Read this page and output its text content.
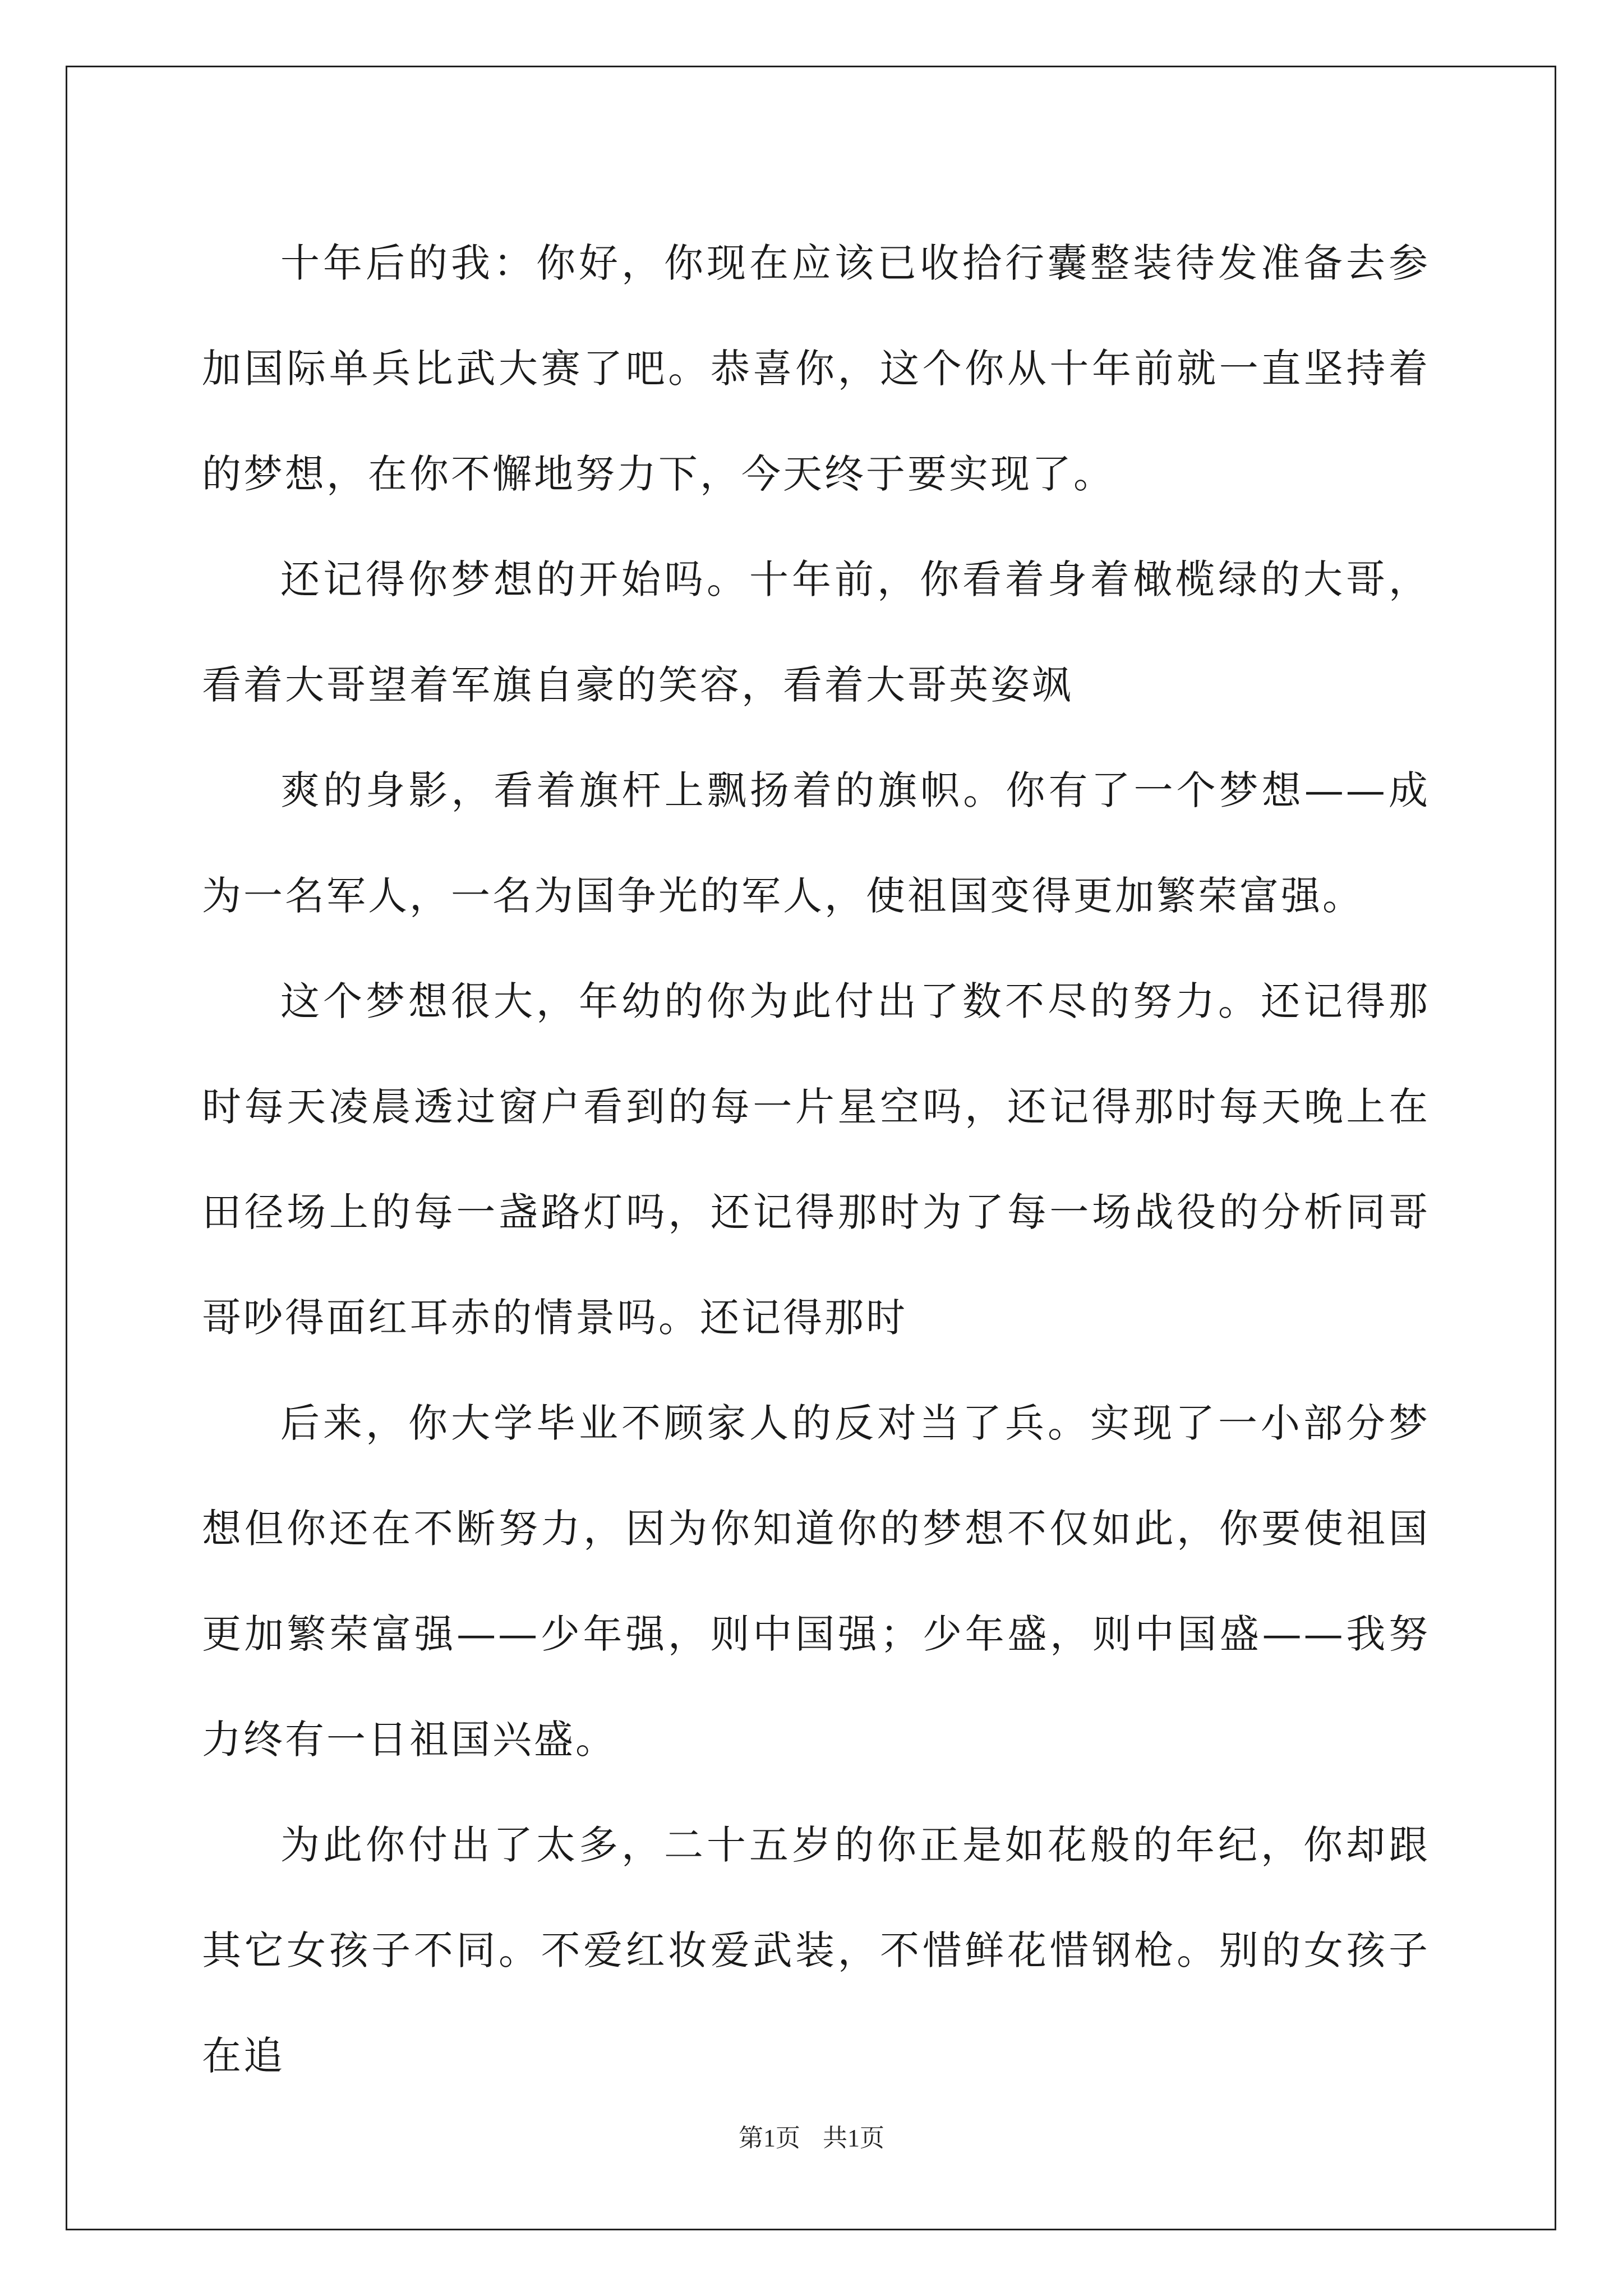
十年后的我：你好，你现在应该已收拾行囊整装待发准备去参加国际单兵比武大赛了吧。恭喜你，这个你从十年前就一直坚持着的梦想，在你不懈地努力下，今天终于要实现了。

还记得你梦想的开始吗。十年前，你看着身着橄榄绿的大哥，看着大哥望着军旗自豪的笑容，看着大哥英姿飒

爽的身影，看着旗杆上飘扬着的旗帜。你有了一个梦想——成为一名军人，一名为国争光的军人，使祖国变得更加繁荣富强。

这个梦想很大，年幼的你为此付出了数不尽的努力。还记得那时每天凌晨透过窗户看到的每一片星空吗，还记得那时每天晚上在田径场上的每一盏路灯吗，还记得那时为了每一场战役的分析同哥哥吵得面红耳赤的情景吗。还记得那时

后来，你大学毕业不顾家人的反对当了兵。实现了一小部分梦想但你还在不断努力，因为你知道你的梦想不仅如此，你要使祖国更加繁荣富强——少年强，则中国强；少年盛，则中国盛——我努力终有一日祖国兴盛。

为此你付出了太多，二十五岁的你正是如花般的年纪，你却跟其它女孩子不同。不爱红妆爱武装，不惜鲜花惜钢枪。别的女孩子在追

第1页 共1页
